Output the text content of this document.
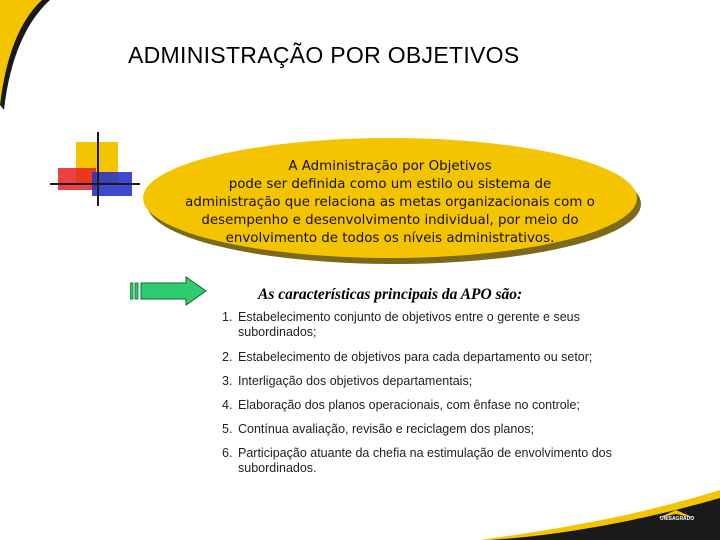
ADMINISTRAÇÃO POR OBJETIVOS
A Administração por Objetivos
pode ser definida como um estilo ou sistema de
administração que relaciona as metas organizacionais com o
desempenho e desenvolvimento individual, por meio do
envolvimento de todos os níveis administrativos.
As características principais da APO são:
1. Estabelecimento conjunto de objetivos entre o gerente e seus subordinados;
2. Estabelecimento de objetivos para cada departamento ou setor;
3. Interligação dos objetivos departamentais;
4. Elaboração dos planos operacionais, com ênfase no controle;
5. Contínua avaliação, revisão e reciclagem dos planos;
6. Participação atuante da chefia na estimulação de envolvimento dos subordinados.
UNISAGRADO
